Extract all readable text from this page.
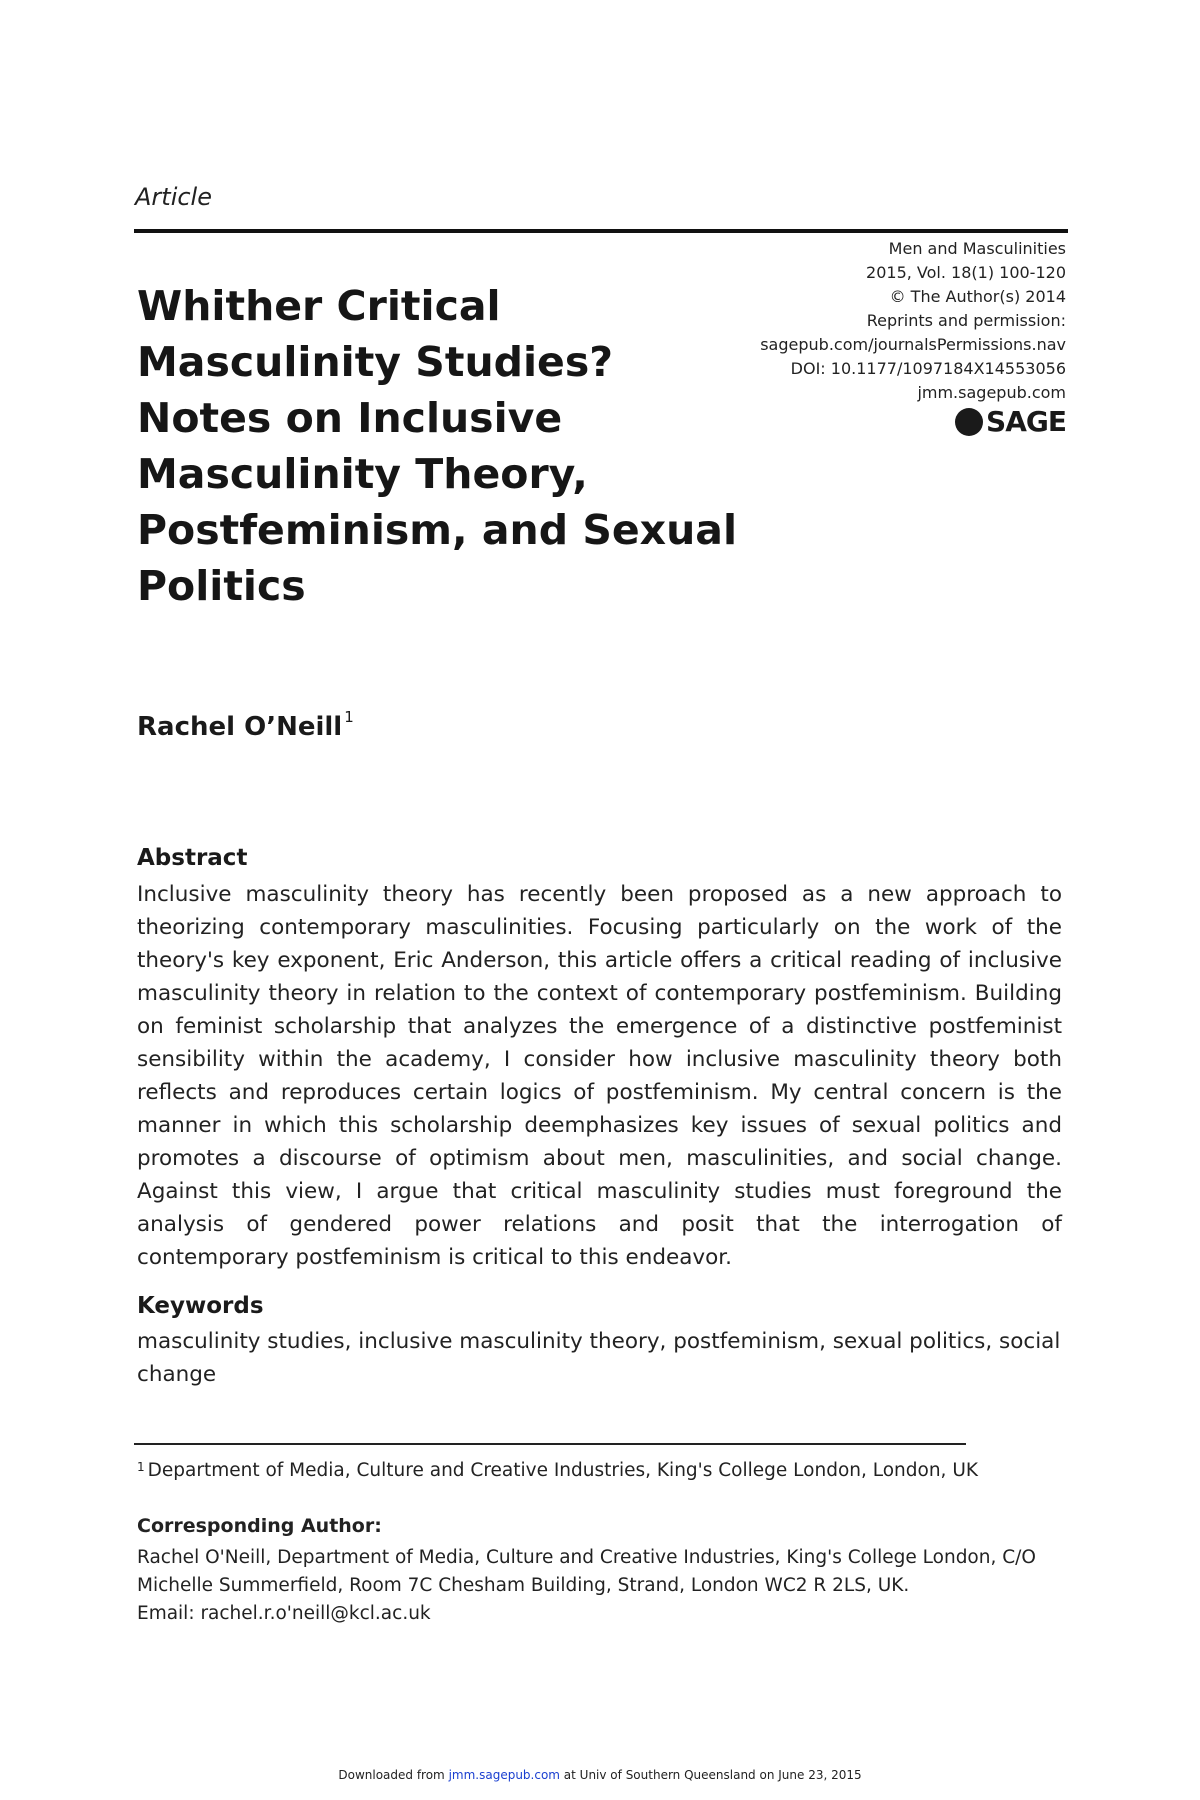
Article
Whither Critical
Masculinity Studies?
Notes on Inclusive
Masculinity Theory,
Postfeminism, and Sexual
Politics
Men and Masculinities
2015, Vol. 18(1) 100-120
© The Author(s) 2014
Reprints and permission:
sagepub.com/journalsPermissions.nav
DOI: 10.1177/1097184X14553056
jmm.sagepub.com
SAGE
Rachel O’Neill $^1$
Abstract
Inclusive masculinity theory has recently been proposed as a new approach to theorizing contemporary masculinities. Focusing particularly on the work of the theory's key exponent, Eric Anderson, this article offers a critical reading of inclusive masculinity theory in relation to the context of contemporary postfeminism. Building on feminist scholarship that analyzes the emergence of a distinctive postfeminist sensibility within the academy, I consider how inclusive masculinity theory both reflects and reproduces certain logics of postfeminism. My central concern is the manner in which this scholarship deemphasizes key issues of sexual politics and promotes a discourse of optimism about men, masculinities, and social change. Against this view, I argue that critical masculinity studies must foreground the analysis of gendered power relations and posit that the interrogation of contemporary postfeminism is critical to this endeavor.
Keywords
masculinity studies, inclusive masculinity theory, postfeminism, sexual politics, social change
$^1$ Department of Media, Culture and Creative Industries, King's College London, London, UK
Corresponding Author:
Rachel O'Neill, Department of Media, Culture and Creative Industries, King's College London, C/O
Michelle Summerfield, Room 7C Chesham Building, Strand, London WC2 R 2LS, UK.
Email: rachel.r.o'neill@kcl.ac.uk
Downloaded from jmm.sagepub.com at Univ of Southern Queensland on June 23, 2015
